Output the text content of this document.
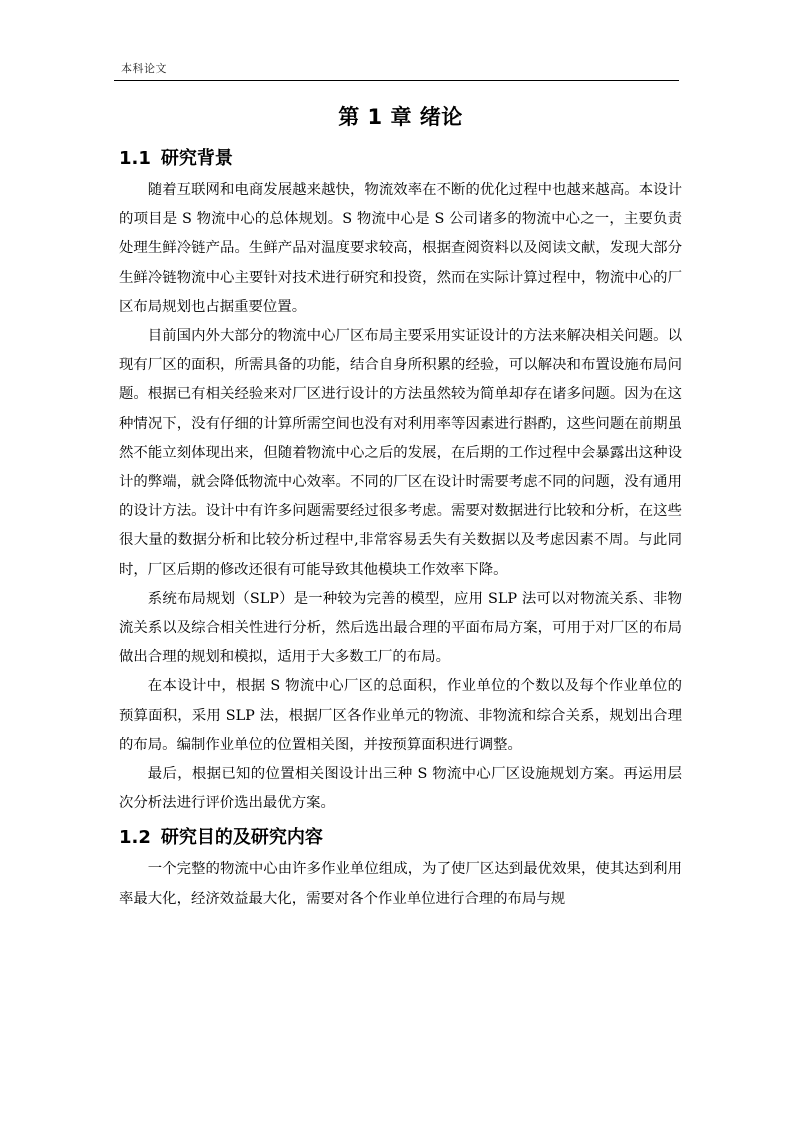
本科论文
第 1 章 绪论
1.1 研究背景

随着互联网和电商发展越来越快，物流效率在不断的优化过程中也越来越高。本设计的项目是 S 物流中心的总体规划。S 物流中心是 S 公司诸多的物流中心之一，主要负责处理生鲜冷链产品。生鲜产品对温度要求较高，根据查阅资料以及阅读文献，发现大部分生鲜冷链物流中心主要针对技术进行研究和投资，然而在实际计算过程中，物流中心的厂区布局规划也占据重要位置。

目前国内外大部分的物流中心厂区布局主要采用实证设计的方法来解决相关问题。以现有厂区的面积，所需具备的功能，结合自身所积累的经验，可以解决和布置设施布局问题。根据已有相关经验来对厂区进行设计的方法虽然较为简单却存在诸多问题。因为在这种情况下，没有仔细的计算所需空间也没有对利用率等因素进行斟酌，这些问题在前期虽然不能立刻体现出来，但随着物流中心之后的发展，在后期的工作过程中会暴露出这种设计的弊端，就会降低物流中心效率。不同的厂区在设计时需要考虑不同的问题，没有通用的设计方法。设计中有许多问题需要经过很多考虑。需要对数据进行比较和分析，在这些很大量的数据分析和比较分析过程中,非常容易丢失有关数据以及考虑因素不周。与此同时，厂区后期的修改还很有可能导致其他模块工作效率下降。

系统布局规划（SLP）是一种较为完善的模型，应用 SLP 法可以对物流关系、非物流关系以及综合相关性进行分析，然后选出最合理的平面布局方案，可用于对厂区的布局做出合理的规划和模拟，适用于大多数工厂的布局。

在本设计中，根据 S 物流中心厂区的总面积，作业单位的个数以及每个作业单位的预算面积，采用 SLP 法，根据厂区各作业单元的物流、非物流和综合关系，规划出合理的布局。编制作业单位的位置相关图，并按预算面积进行调整。

最后，根据已知的位置相关图设计出三种 S 物流中心厂区设施规划方案。再运用层次分析法进行评价选出最优方案。

1.2 研究目的及研究内容

一个完整的物流中心由许多作业单位组成，为了使厂区达到最优效果，使其达到利用率最大化，经济效益最大化，需要对各个作业单位进行合理的布局与规
